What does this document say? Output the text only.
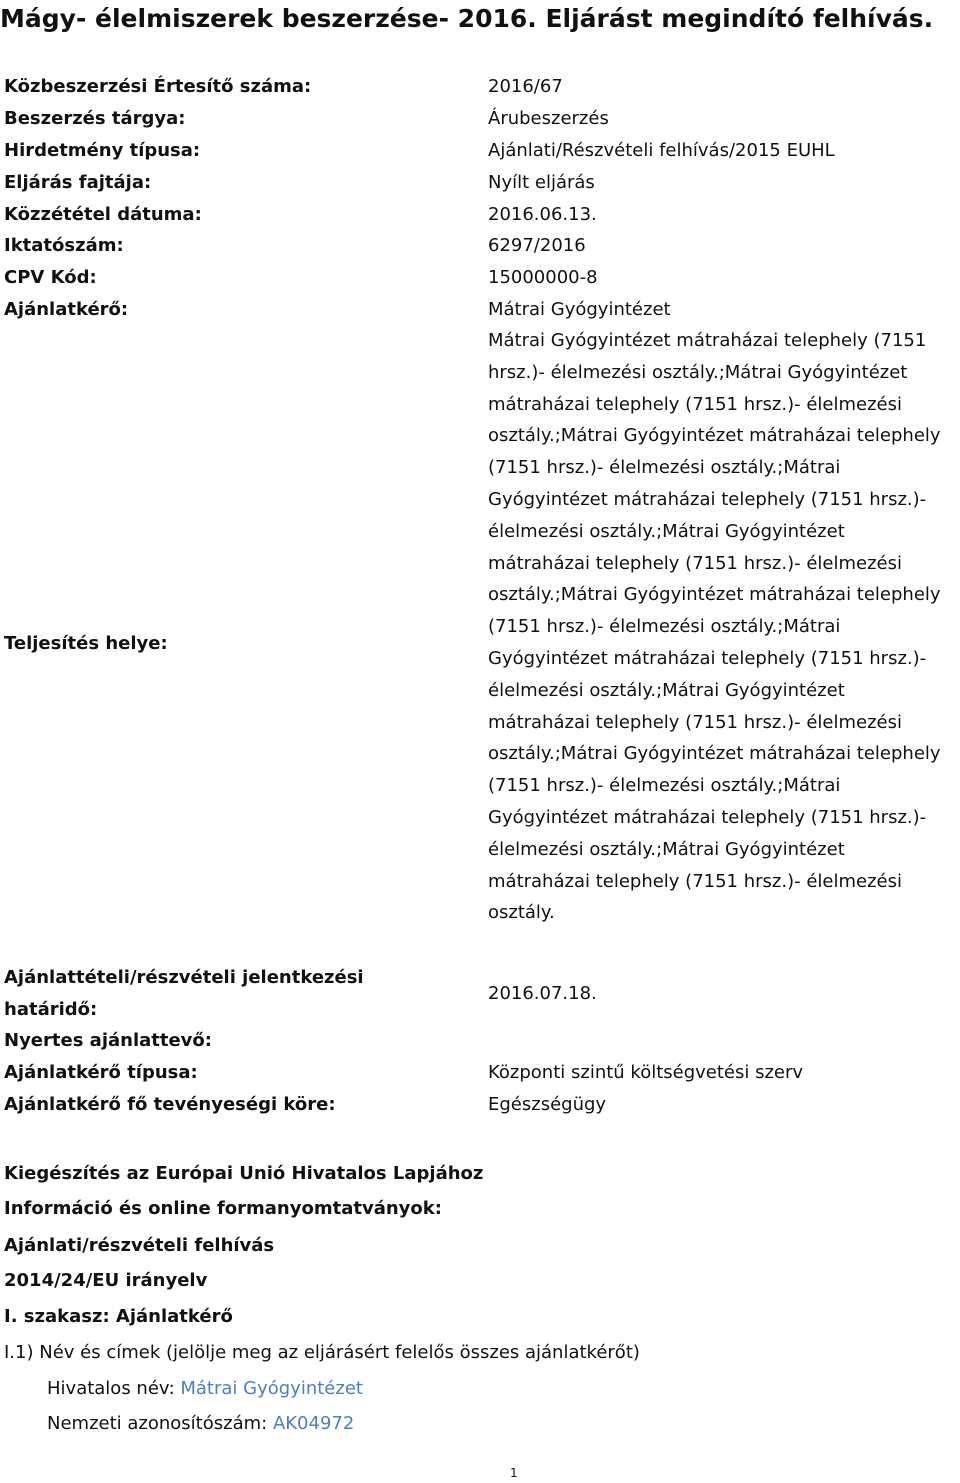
Mágy- élelmiszerek beszerzése- 2016. Eljárást megindító felhívás.
Közbeszerzési Értesítő száma:	2016/67
Beszerzés tárgya:	Árubeszerzés
Hirdetmény típusa:	Ajánlati/Részvételi felhívás/2015 EUHL
Eljárás fajtája:	Nyílt eljárás
Közzététel dátuma:	2016.06.13.
Iktatószám:	6297/2016
CPV Kód:	15000000-8
Ajánlatkérő:	Mátrai Gyógyintézet
Teljesítés helye:
Mátrai Gyógyintézet mátraházai telephely (7151 hrsz.)- élelmezési osztály.;Mátrai Gyógyintézet mátraházai telephely (7151 hrsz.)- élelmezési osztály.;Mátrai Gyógyintézet mátraházai telephely (7151 hrsz.)- élelmezési osztály.;Mátrai Gyógyintézet mátraházai telephely (7151 hrsz.)- élelmezési osztály.;Mátrai Gyógyintézet mátraházai telephely (7151 hrsz.)- élelmezési osztály.;Mátrai Gyógyintézet mátraházai telephely (7151 hrsz.)- élelmezési osztály.;Mátrai Gyógyintézet mátraházai telephely (7151 hrsz.)- élelmezési osztály.;Mátrai Gyógyintézet mátraházai telephely (7151 hrsz.)- élelmezési osztály.;Mátrai Gyógyintézet mátraházai telephely (7151 hrsz.)- élelmezési osztály.;Mátrai Gyógyintézet mátraházai telephely (7151 hrsz.)- élelmezési osztály.;Mátrai Gyógyintézet mátraházai telephely (7151 hrsz.)- élelmezési osztály.
Ajánlattételi/részvételi jelentkezési határidő:
2016.07.18.
Nyertes ajánlattevő:
Ajánlatkérő típusa:	Központi szintű költségvetési szerv
Ajánlatkérő fő tevényeségi köre:	Egészségügy
Kiegészítés az Európai Unió Hivatalos Lapjához
Információ és online formanyomtatványok:
Ajánlati/részvételi felhívás
2014/24/EU irányelv
I. szakasz: Ajánlatkérő
I.1) Név és címek (jelölje meg az eljárásért felelős összes ajánlatkérőt)
Hivatalos név: Mátrai Gyógyintézet
Nemzeti azonosítószám: AK04972
1
